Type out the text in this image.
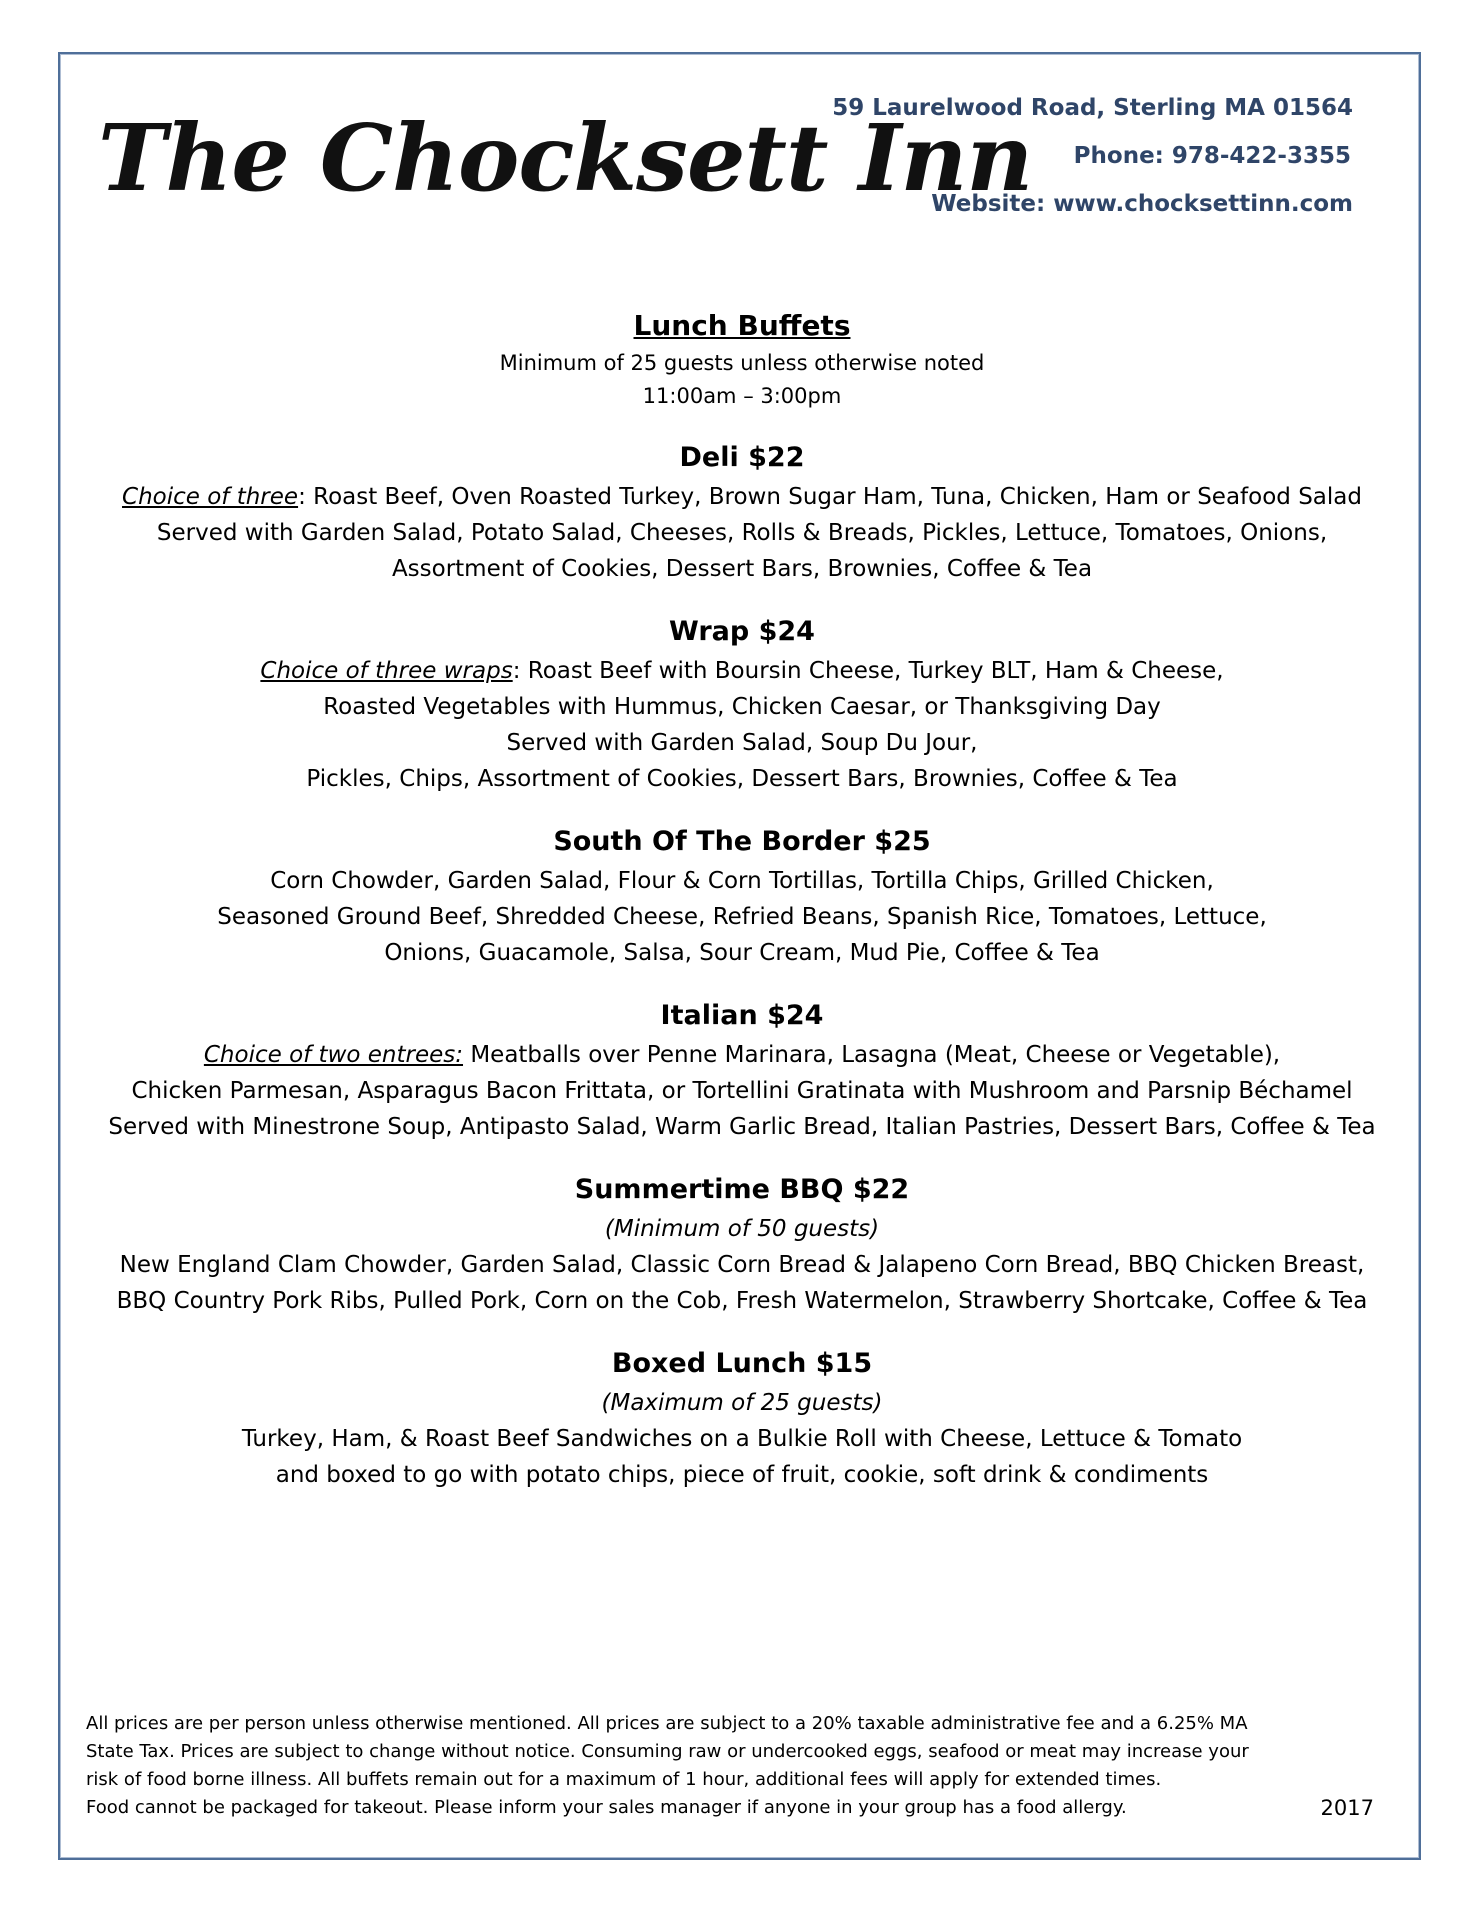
The Chocksett Inn
59 Laurelwood Road, Sterling MA 01564
Phone: 978-422-3355
Website: www.chocksettinn.com

Lunch Buffets

Minimum of 25 guests unless otherwise noted

11:00am – 3:00pm

Deli $22

Choice of three: Roast Beef, Oven Roasted Turkey, Brown Sugar Ham, Tuna, Chicken, Ham or Seafood Salad

Served with Garden Salad, Potato Salad, Cheeses, Rolls & Breads, Pickles, Lettuce, Tomatoes, Onions,

Assortment of Cookies, Dessert Bars, Brownies, Coffee & Tea

Wrap $24

Choice of three wraps: Roast Beef with Boursin Cheese, Turkey BLT, Ham & Cheese,

Roasted Vegetables with Hummus, Chicken Caesar, or Thanksgiving Day

Served with Garden Salad, Soup Du Jour,

Pickles, Chips, Assortment of Cookies, Dessert Bars, Brownies, Coffee & Tea

South Of The Border $25

Corn Chowder, Garden Salad, Flour & Corn Tortillas, Tortilla Chips, Grilled Chicken,

Seasoned Ground Beef, Shredded Cheese, Refried Beans, Spanish Rice, Tomatoes, Lettuce,

Onions, Guacamole, Salsa, Sour Cream, Mud Pie, Coffee & Tea

Italian $24

Choice of two entrees: Meatballs over Penne Marinara, Lasagna (Meat, Cheese or Vegetable),

Chicken Parmesan, Asparagus Bacon Frittata, or Tortellini Gratinata with Mushroom and Parsnip Béchamel

Served with Minestrone Soup, Antipasto Salad, Warm Garlic Bread, Italian Pastries, Dessert Bars, Coffee & Tea

Summertime BBQ $22

(Minimum of 50 guests)

New England Clam Chowder, Garden Salad, Classic Corn Bread & Jalapeno Corn Bread, BBQ Chicken Breast,

BBQ Country Pork Ribs, Pulled Pork, Corn on the Cob, Fresh Watermelon, Strawberry Shortcake, Coffee & Tea

Boxed Lunch $15

(Maximum of 25 guests)

Turkey, Ham, & Roast Beef Sandwiches on a Bulkie Roll with Cheese, Lettuce & Tomato

and boxed to go with potato chips, piece of fruit, cookie, soft drink & condiments

All prices are per person unless otherwise mentioned. All prices are subject to a 20% taxable administrative fee and a 6.25% MA

State Tax. Prices are subject to change without notice. Consuming raw or undercooked eggs, seafood or meat may increase your

risk of food borne illness. All buffets remain out for a maximum of 1 hour, additional fees will apply for extended times.

Food cannot be packaged for takeout. Please inform your sales manager if anyone in your group has a food allergy.	2017
